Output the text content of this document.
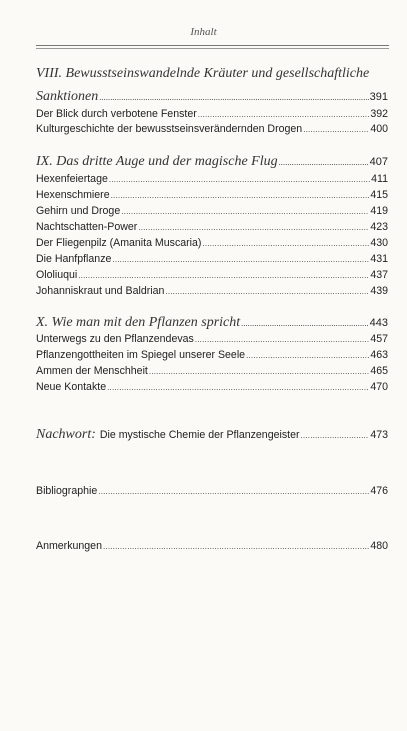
Inhalt
VIII. Bewusstseinswandelnde Kräuter und gesellschaftliche
Sanktionen .....	391
Der Blick durch verbotene Fenster .....	392
Kulturgeschichte der bewusstseinsverändernden Drogen .....	400
IX. Das dritte Auge und der magische Flug .....	407
Hexenfeiertage .....	411
Hexenschmiere .....	415
Gehirn und Droge .....	419
Nachtschatten-Power .....	423
Der Fliegenpilz (Amanita Muscaria) .....	430
Die Hanfpflanze .....	431
Ololiuqui .....	437
Johanniskraut und Baldrian .....	439
X. Wie man mit den Pflanzen spricht .....	443
Unterwegs zu den Pflanzendevas .....	457
Pflanzengottheiten im Spiegel unserer Seele .....	463
Ammen der Menschheit .....	465
Neue Kontakte .....	470
Nachwort: Die mystische Chemie der Pflanzengeister .....	473
Bibliographie .....	476
Anmerkungen .....	480
